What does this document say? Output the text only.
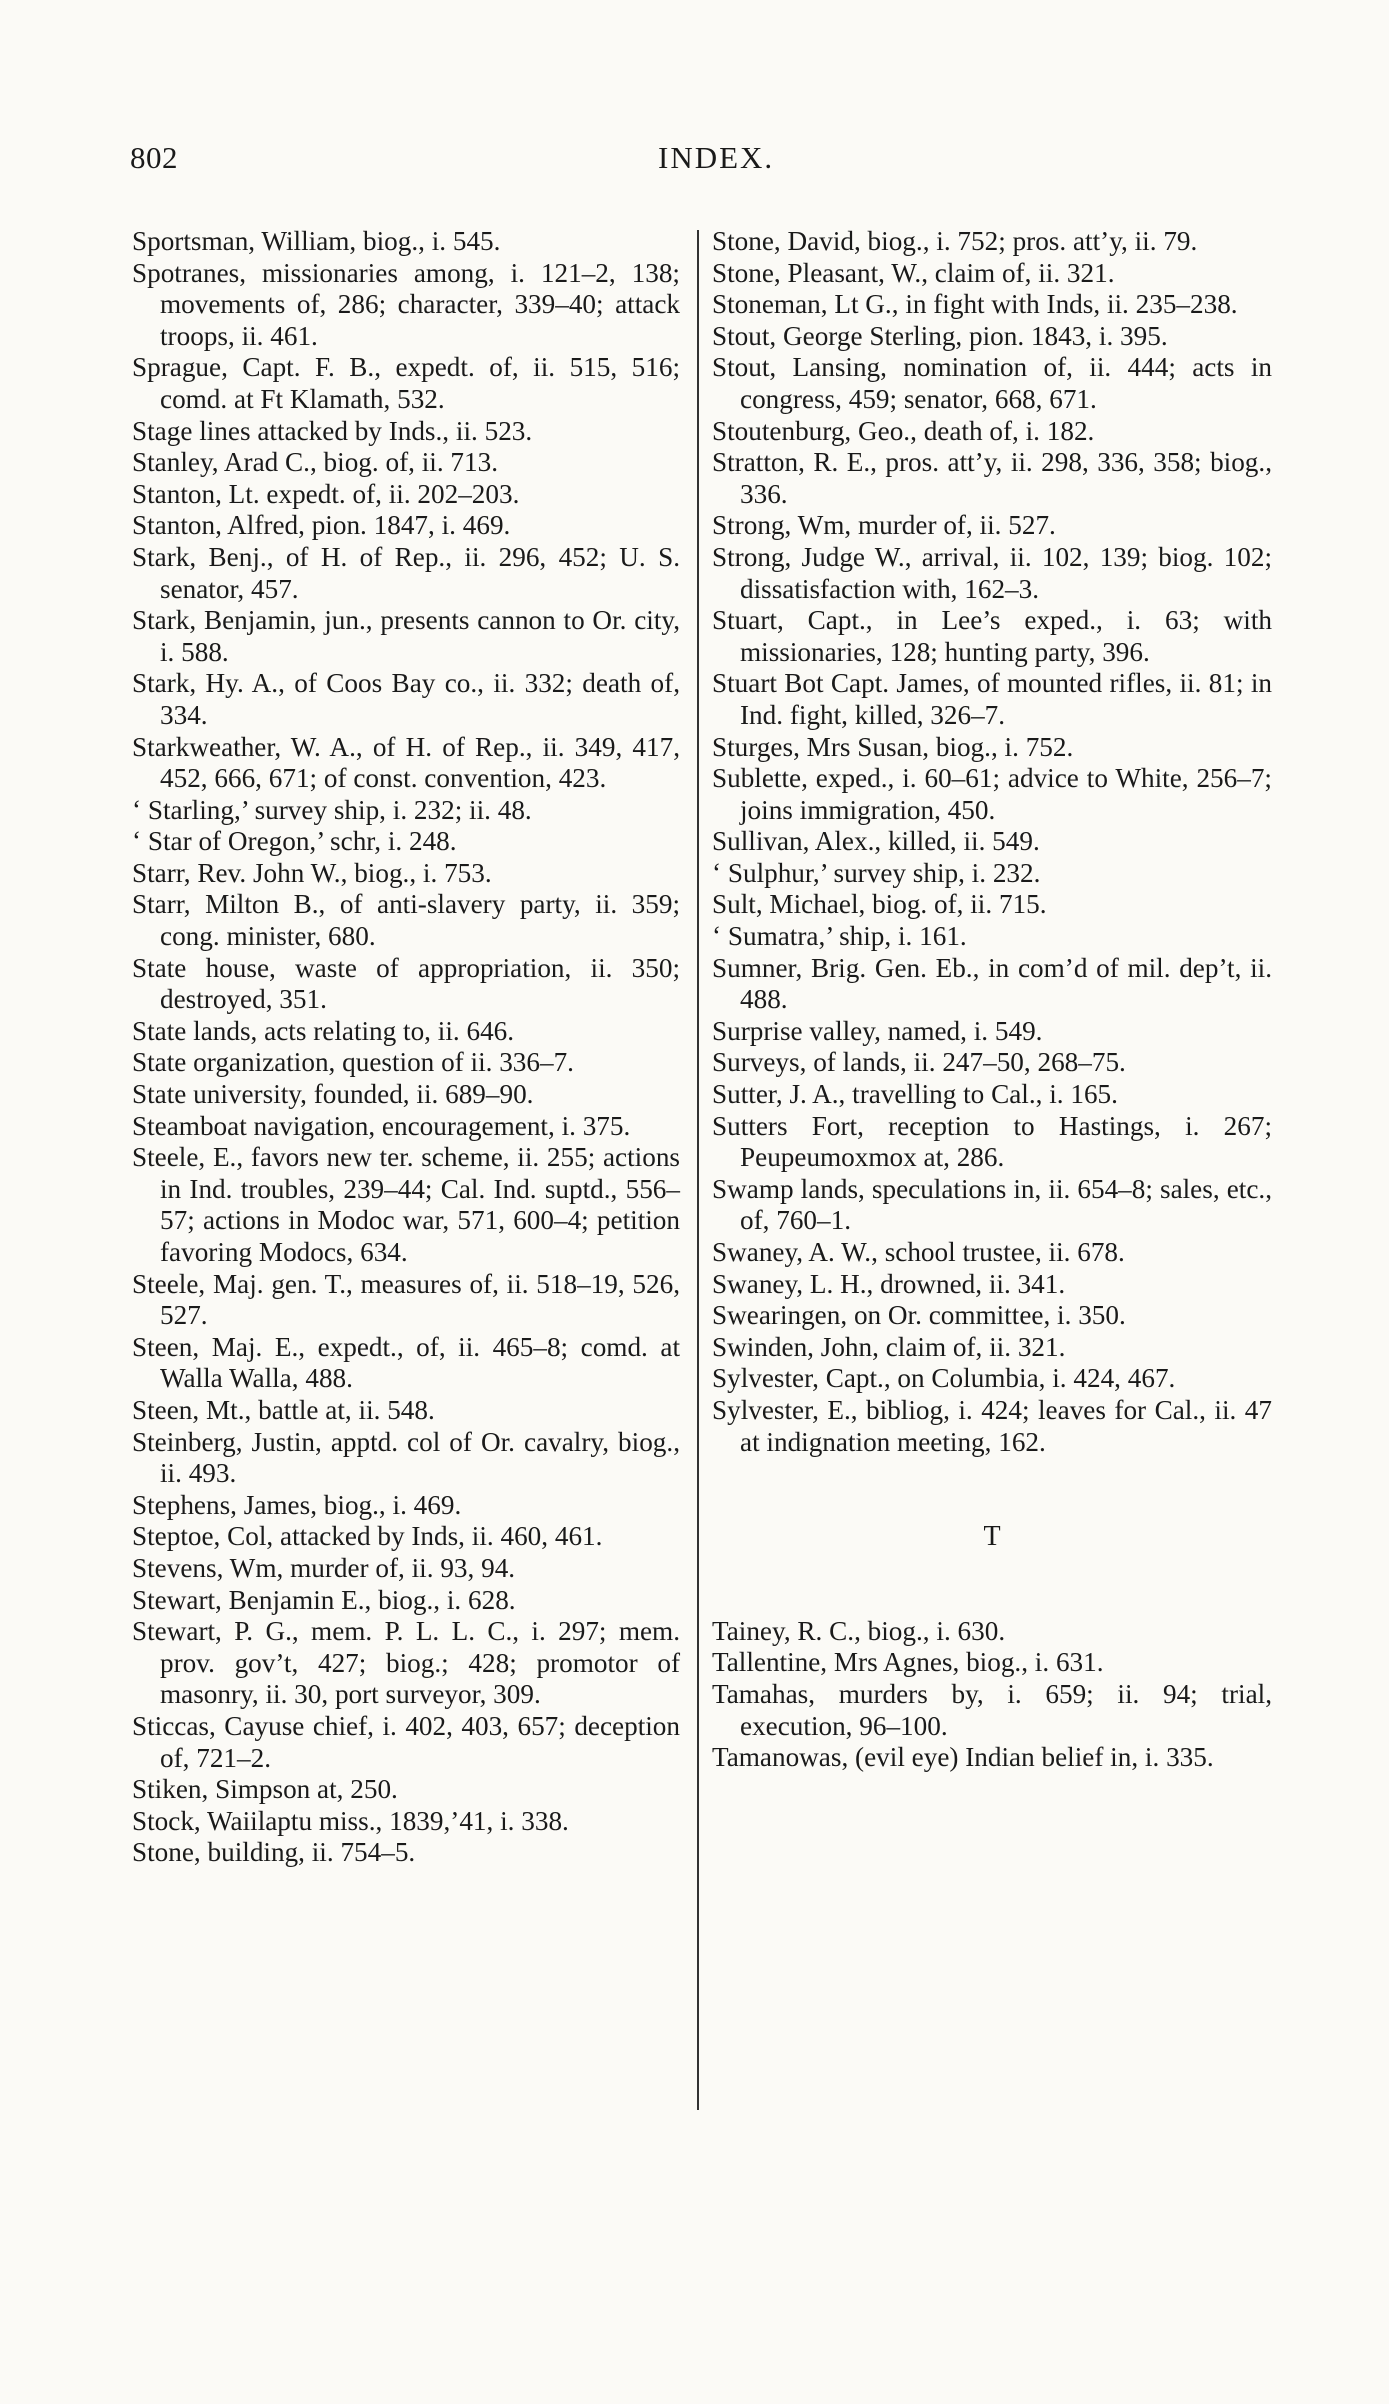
802	INDEX.

Sportsman, William, biog., i. 545.

Spotranes, missionaries among, i. 121–2, 138; movements of, 286; character, 339–40; attack troops, ii. 461.

Sprague, Capt. F. B., expedt. of, ii. 515, 516; comd. at Ft Klamath, 532.

Stage lines attacked by Inds., ii. 523.

Stanley, Arad C., biog. of, ii. 713.

Stanton, Lt. expedt. of, ii. 202–203.

Stanton, Alfred, pion. 1847, i. 469.

Stark, Benj., of H. of Rep., ii. 296, 452; U. S. senator, 457.

Stark, Benjamin, jun., presents cannon to Or. city, i. 588.

Stark, Hy. A., of Coos Bay co., ii. 332; death of, 334.

Starkweather, W. A., of H. of Rep., ii. 349, 417, 452, 666, 671; of const. convention, 423.

‘ Starling,’ survey ship, i. 232; ii. 48.

‘ Star of Oregon,’ schr, i. 248.

Starr, Rev. John W., biog., i. 753.

Starr, Milton B., of anti-slavery party, ii. 359; cong. minister, 680.

State house, waste of appropriation, ii. 350; destroyed, 351.

State lands, acts relating to, ii. 646.

State organization, question of ii. 336–7.

State university, founded, ii. 689–90.

Steamboat navigation, encouragement, i. 375.

Steele, E., favors new ter. scheme, ii. 255; actions in Ind. troubles, 239–44; Cal. Ind. suptd., 556–57; actions in Modoc war, 571, 600–4; petition favoring Modocs, 634.

Steele, Maj. gen. T., measures of, ii. 518–19, 526, 527.

Steen, Maj. E., expedt., of, ii. 465–8; comd. at Walla Walla, 488.

Steen, Mt., battle at, ii. 548.

Steinberg, Justin, apptd. col of Or. cavalry, biog., ii. 493.

Stephens, James, biog., i. 469.

Steptoe, Col, attacked by Inds, ii. 460, 461.

Stevens, Wm, murder of, ii. 93, 94.

Stewart, Benjamin E., biog., i. 628.

Stewart, P. G., mem. P. L. L. C., i. 297; mem. prov. gov’t, 427; biog.; 428; promotor of masonry, ii. 30, port surveyor, 309.

Sticcas, Cayuse chief, i. 402, 403, 657; deception of, 721–2.

Stiken, Simpson at, 250.

Stock, Waiilaptu miss., 1839,’41, i. 338.

Stone, building, ii. 754–5.

Stone, David, biog., i. 752; pros. att’y, ii. 79.

Stone, Pleasant, W., claim of, ii. 321.

Stoneman, Lt G., in fight with Inds, ii. 235–238.

Stout, George Sterling, pion. 1843, i. 395.

Stout, Lansing, nomination of, ii. 444; acts in congress, 459; senator, 668, 671.

Stoutenburg, Geo., death of, i. 182.

Stratton, R. E., pros. att’y, ii. 298, 336, 358; biog., 336.

Strong, Wm, murder of, ii. 527.

Strong, Judge W., arrival, ii. 102, 139; biog. 102; dissatisfaction with, 162–3.

Stuart, Capt., in Lee’s exped., i. 63; with missionaries, 128; hunting party, 396.

Stuart Bot Capt. James, of mounted rifles, ii. 81; in Ind. fight, killed, 326–7.

Sturges, Mrs Susan, biog., i. 752.

Sublette, exped., i. 60–61; advice to White, 256–7; joins immigration, 450.

Sullivan, Alex., killed, ii. 549.

‘ Sulphur,’ survey ship, i. 232.

Sult, Michael, biog. of, ii. 715.

‘ Sumatra,’ ship, i. 161.

Sumner, Brig. Gen. Eb., in com’d of mil. dep’t, ii. 488.

Surprise valley, named, i. 549.

Surveys, of lands, ii. 247–50, 268–75.

Sutter, J. A., travelling to Cal., i. 165.

Sutters Fort, reception to Hastings, i. 267; Peupeumoxmox at, 286.

Swamp lands, speculations in, ii. 654–8; sales, etc., of, 760–1.

Swaney, A. W., school trustee, ii. 678.

Swaney, L. H., drowned, ii. 341.

Swearingen, on Or. committee, i. 350.

Swinden, John, claim of, ii. 321.

Sylvester, Capt., on Columbia, i. 424, 467.

Sylvester, E., bibliog, i. 424; leaves for Cal., ii. 47 at indignation meeting, 162.

T

Tainey, R. C., biog., i. 630.

Tallentine, Mrs Agnes, biog., i. 631.

Tamahas, murders by, i. 659; ii. 94; trial, execution, 96–100.

Tamanowas, (evil eye) Indian belief in, i. 335.
